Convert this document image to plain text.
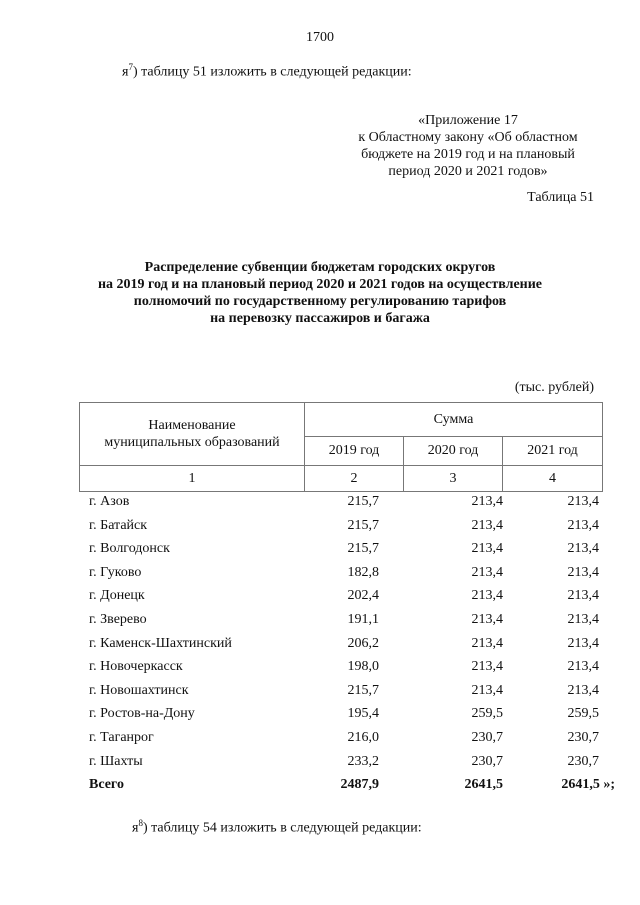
1700
$я^7$) таблицу 51 изложить в следующей редакции:
«Приложение 17
к Областному закону «Об областном
бюджете на 2019 год и на плановый
период 2020 и 2021 годов»
Таблица 51
Распределение субвенции бюджетам городских округов
на 2019 год и на плановый период 2020 и 2021 годов на осуществление
полномочий по государственному регулированию тарифов
на перевозку пассажиров и багажа
(тыс. рублей)
Наименование
муниципальных образований	Сумма		
	2019 год	2020 год	2021 год
1	2	3	4
г. Азов	215,7	213,4	213,4
г. Батайск	215,7	213,4	213,4
г. Волгодонск	215,7	213,4	213,4
г. Гуково	182,8	213,4	213,4
г. Донецк	202,4	213,4	213,4
г. Зверево	191,1	213,4	213,4
г. Каменск-Шахтинский	206,2	213,4	213,4
г. Новочеркасск	198,0	213,4	213,4
г. Новошахтинск	215,7	213,4	213,4
г. Ростов-на-Дону	195,4	259,5	259,5
г. Таганрог	216,0	230,7	230,7
г. Шахты	233,2	230,7	230,7
Всего	2487,9	2641,5	2641,5 »;
$я^8$) таблицу 54 изложить в следующей редакции:
